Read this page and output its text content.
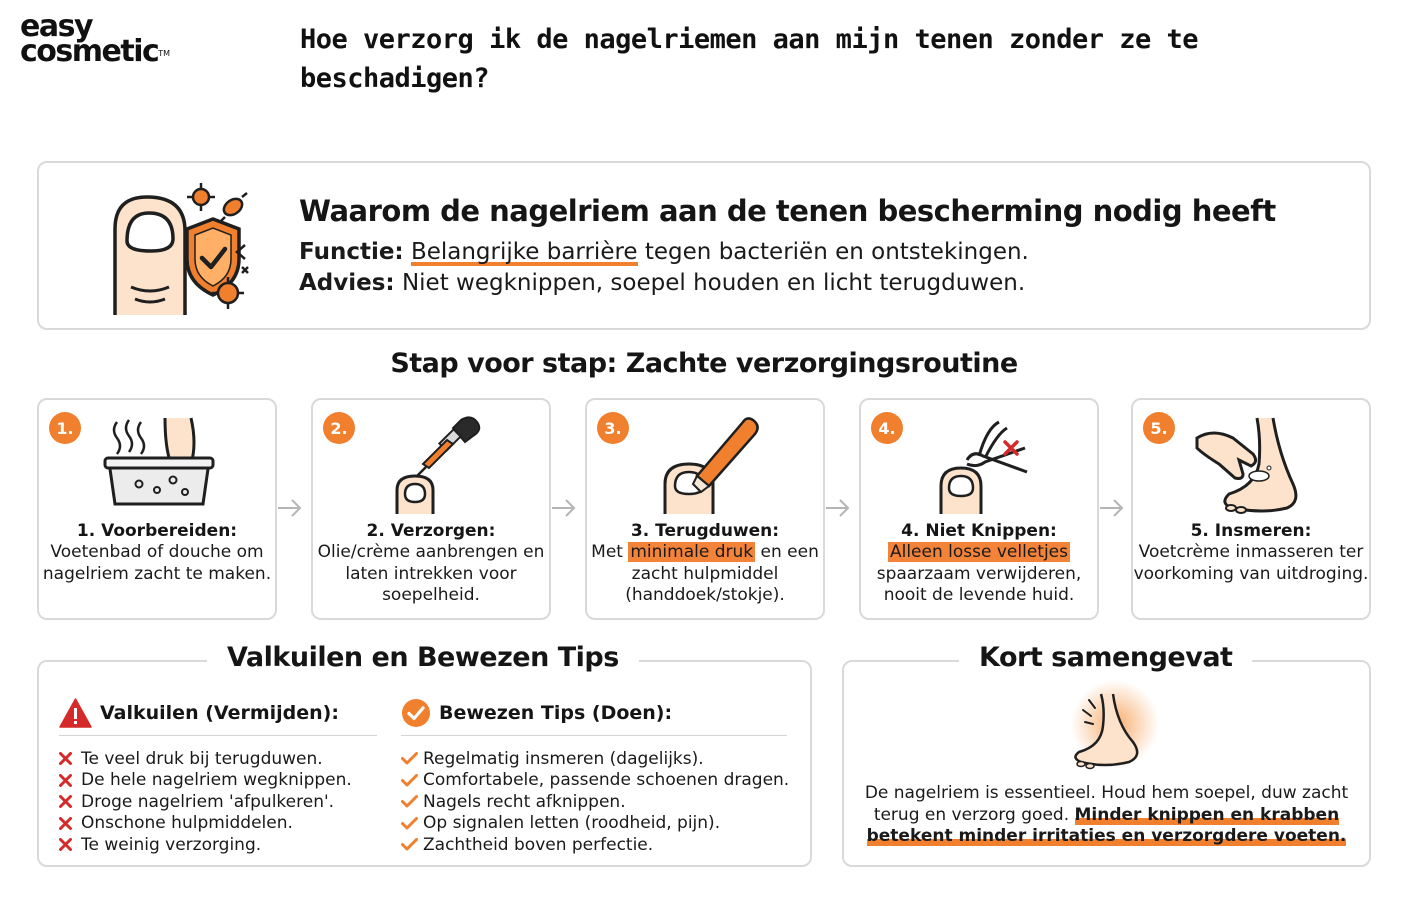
easy
cosmetic™	Hoe verzorg ik de nagelriemen aan mijn tenen zonder ze te beschadigen?
Waarom de nagelriem aan de tenen bescherming nodig heeft

Functie: Belangrijke barrière tegen bacteriën en ontstekingen.

Advies: Niet wegknippen, soepel houden en licht terugduwen.

Stap voor stap: Zachte verzorgingsroutine
1.
1. Voorbereiden:
Voetenbad of douche om nagelriem zacht te maken.
2.
2. Verzorgen:
Olie/crème aanbrengen en laten intrekken voor soepelheid.
3.
3. Terugduwen:
Met minimale druk en een zacht hulpmiddel (handdoek/stokje).
4.
4. Niet Knippen:
Alleen losse velletjes spaarzaam verwijderen, nooit de levende huid.
5.
5. Insmeren:
Voetcrème inmasseren ter voorkoming van uitdroging.
Valkuilen en Bewezen Tips
Valkuilen (Vermijden):
Te veel druk bij terugduwen.
De hele nagelriem wegknippen.
Droge nagelriem 'afpulkeren'.
Onschone hulpmiddelen.
Te weinig verzorging.
Bewezen Tips (Doen):
Regelmatig insmeren (dagelijks).
Comfortabele, passende schoenen dragen.
Nagels recht afknippen.
Op signalen letten (roodheid, pijn).
Zachtheid boven perfectie.
Kort samengevat

De nagelriem is essentieel. Houd hem soepel, duw zacht terug en verzorg goed. Minder knippen en krabben betekent minder irritaties en verzorgdere voeten.
